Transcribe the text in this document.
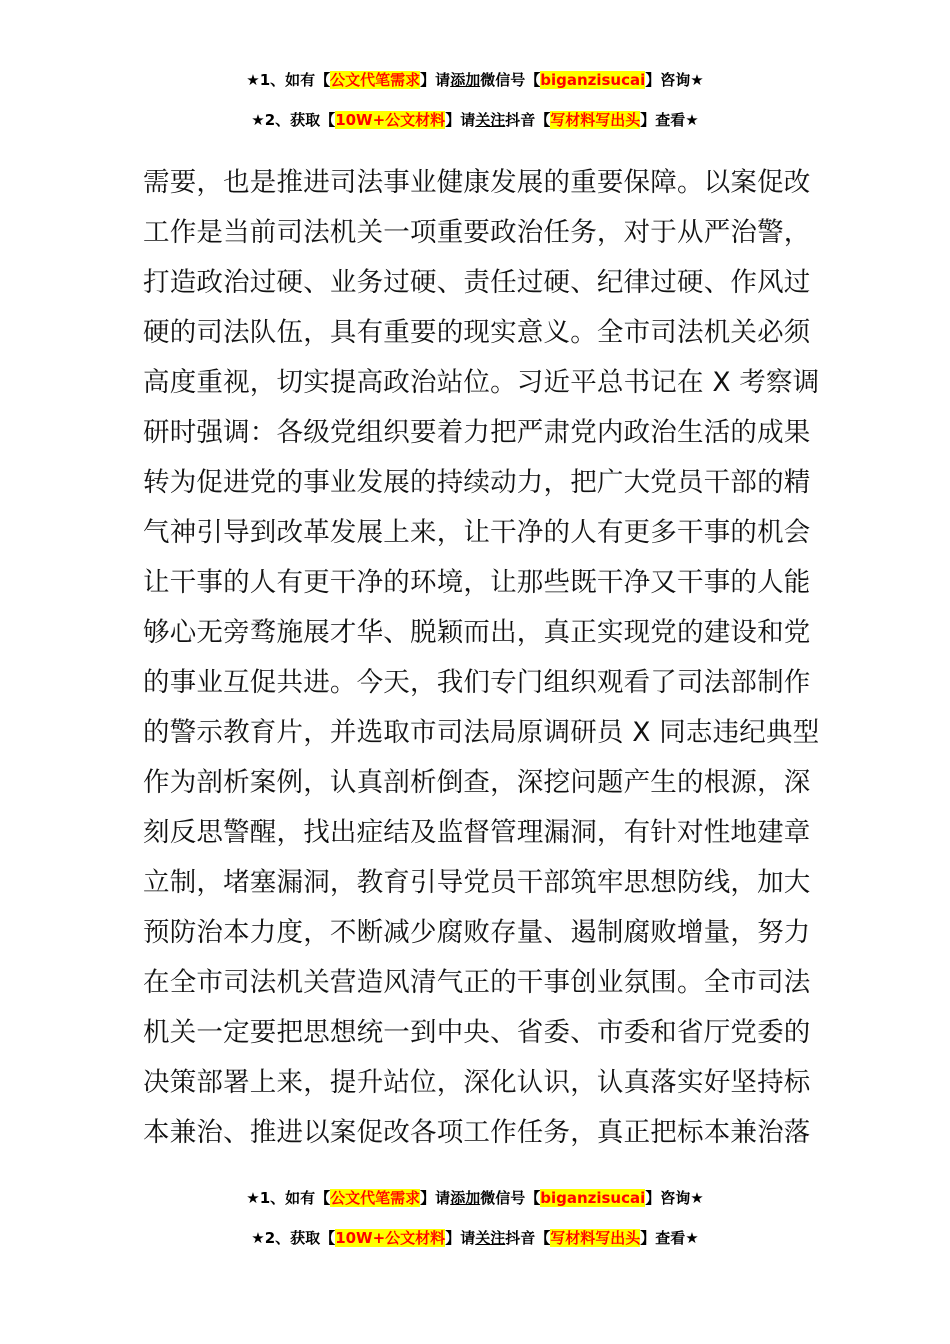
★1、如有【公文代笔需求】请添加微信号【biganzisucai】咨询★
★2、获取【10W+公文材料】请关注抖音【写材料写出头】查看★
需要，也是推进司法事业健康发展的重要保障。以案促改
工作是当前司法机关一项重要政治任务，对于从严治警，
打造政治过硬、业务过硬、责任过硬、纪律过硬、作风过
硬的司法队伍，具有重要的现实意义。全市司法机关必须
高度重视，切实提高政治站位。习近平总书记在 X 考察调
研时强调：各级党组织要着力把严肃党内政治生活的成果
转为促进党的事业发展的持续动力，把广大党员干部的精
气神引导到改革发展上来，让干净的人有更多干事的机会
让干事的人有更干净的环境，让那些既干净又干事的人能
够心无旁骛施展才华、脱颖而出，真正实现党的建设和党
的事业互促共进。今天，我们专门组织观看了司法部制作
的警示教育片，并选取市司法局原调研员 X 同志违纪典型
作为剖析案例，认真剖析倒查，深挖问题产生的根源，深
刻反思警醒，找出症结及监督管理漏洞，有针对性地建章
立制，堵塞漏洞，教育引导党员干部筑牢思想防线，加大
预防治本力度，不断减少腐败存量、遏制腐败增量，努力
在全市司法机关营造风清气正的干事创业氛围。全市司法
机关一定要把思想统一到中央、省委、市委和省厅党委的
决策部署上来，提升站位，深化认识，认真落实好坚持标
本兼治、推进以案促改各项工作任务，真正把标本兼治落
★1、如有【公文代笔需求】请添加微信号【biganzisucai】咨询★
★2、获取【10W+公文材料】请关注抖音【写材料写出头】查看★
